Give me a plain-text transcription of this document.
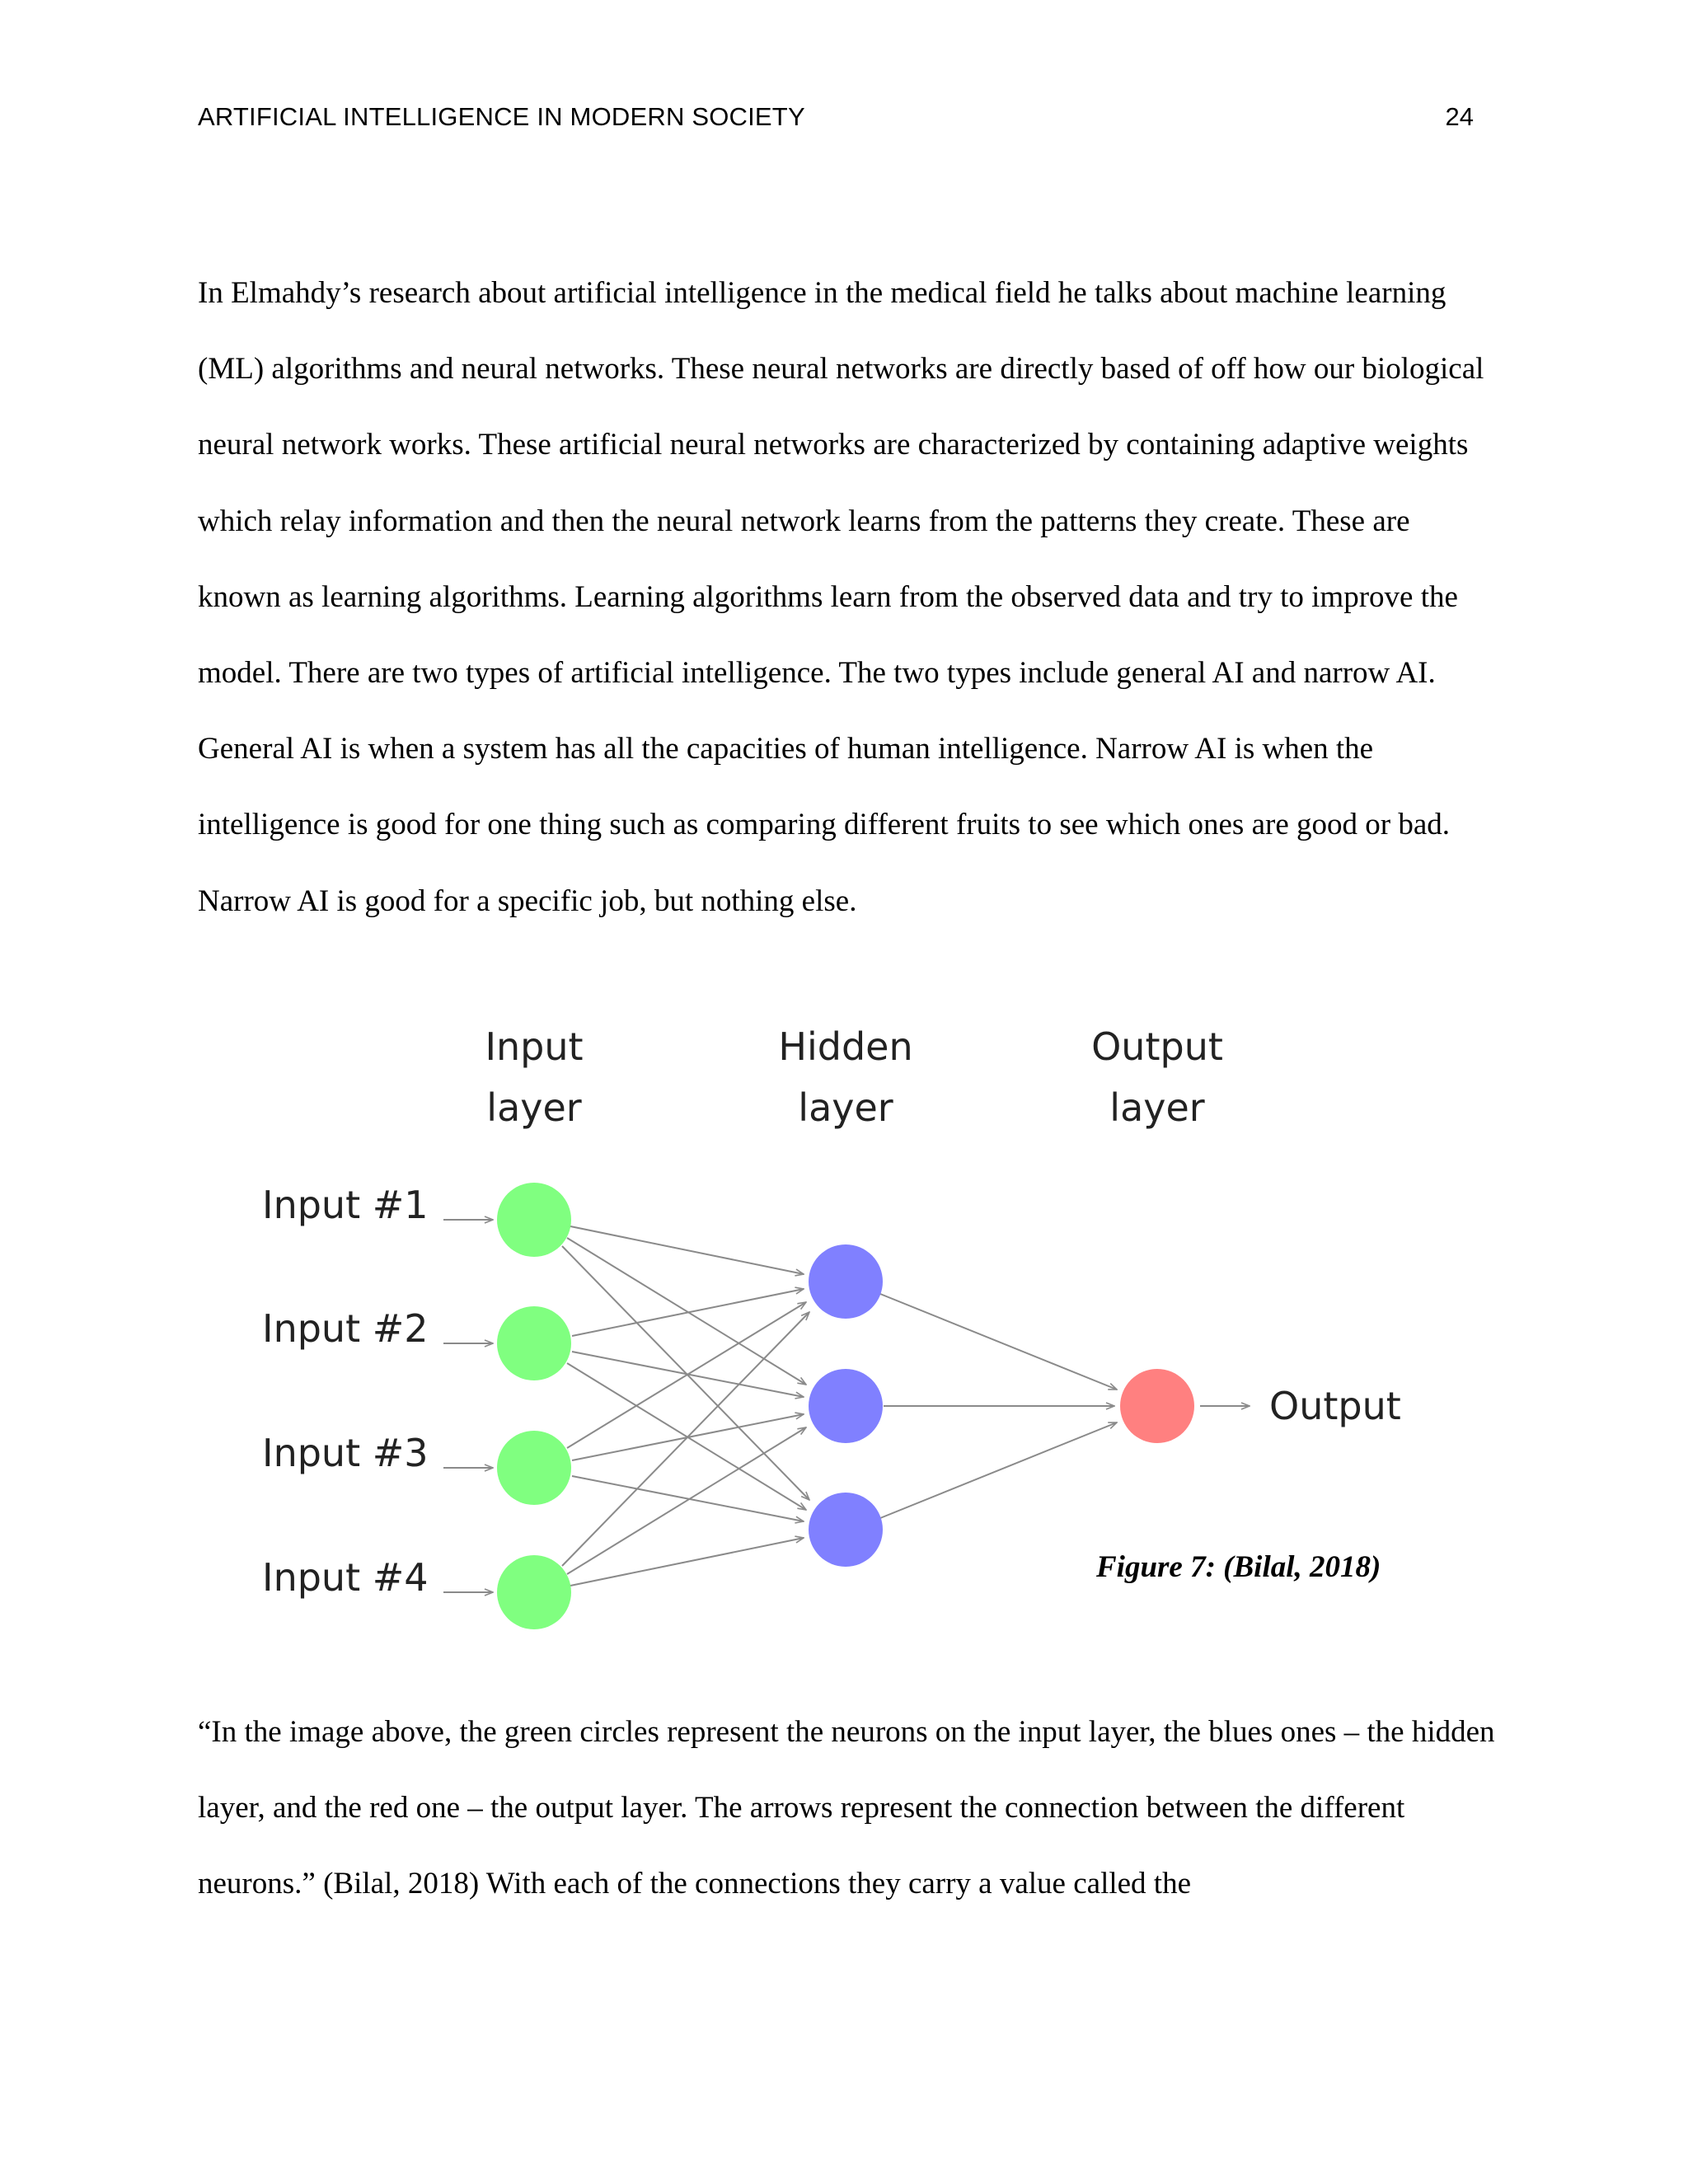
ARTIFICIAL INTELLIGENCE IN MODERN SOCIETY	24

In Elmahdy’s research about artificial intelligence in the medical field he talks about machine learning (ML) algorithms and neural networks. These neural networks are directly based of off how our biological neural network works. These artificial neural networks are characterized by containing adaptive weights which relay information and then the neural network learns from the patterns they create. These are known as learning algorithms. Learning algorithms learn from the observed data and try to improve the model. There are two types of artificial intelligence. The two types include general AI and narrow AI. General AI is when a system has all the capacities of human intelligence. Narrow AI is when the intelligence is good for one thing such as comparing different fruits to see which ones are good or bad. Narrow AI is good for a specific job, but nothing else.

Input
layer
Hidden
layer
Output
layer
Input #1
Input #2
Input #3
Input #4
Output
Figure 7: (Bilal, 2018)

“In the image above, the green circles represent the neurons on the input layer, the blues ones – the hidden layer, and the red one – the output layer. The arrows represent the connection between the different neurons.” (Bilal, 2018) With each of the connections they carry a value called the
